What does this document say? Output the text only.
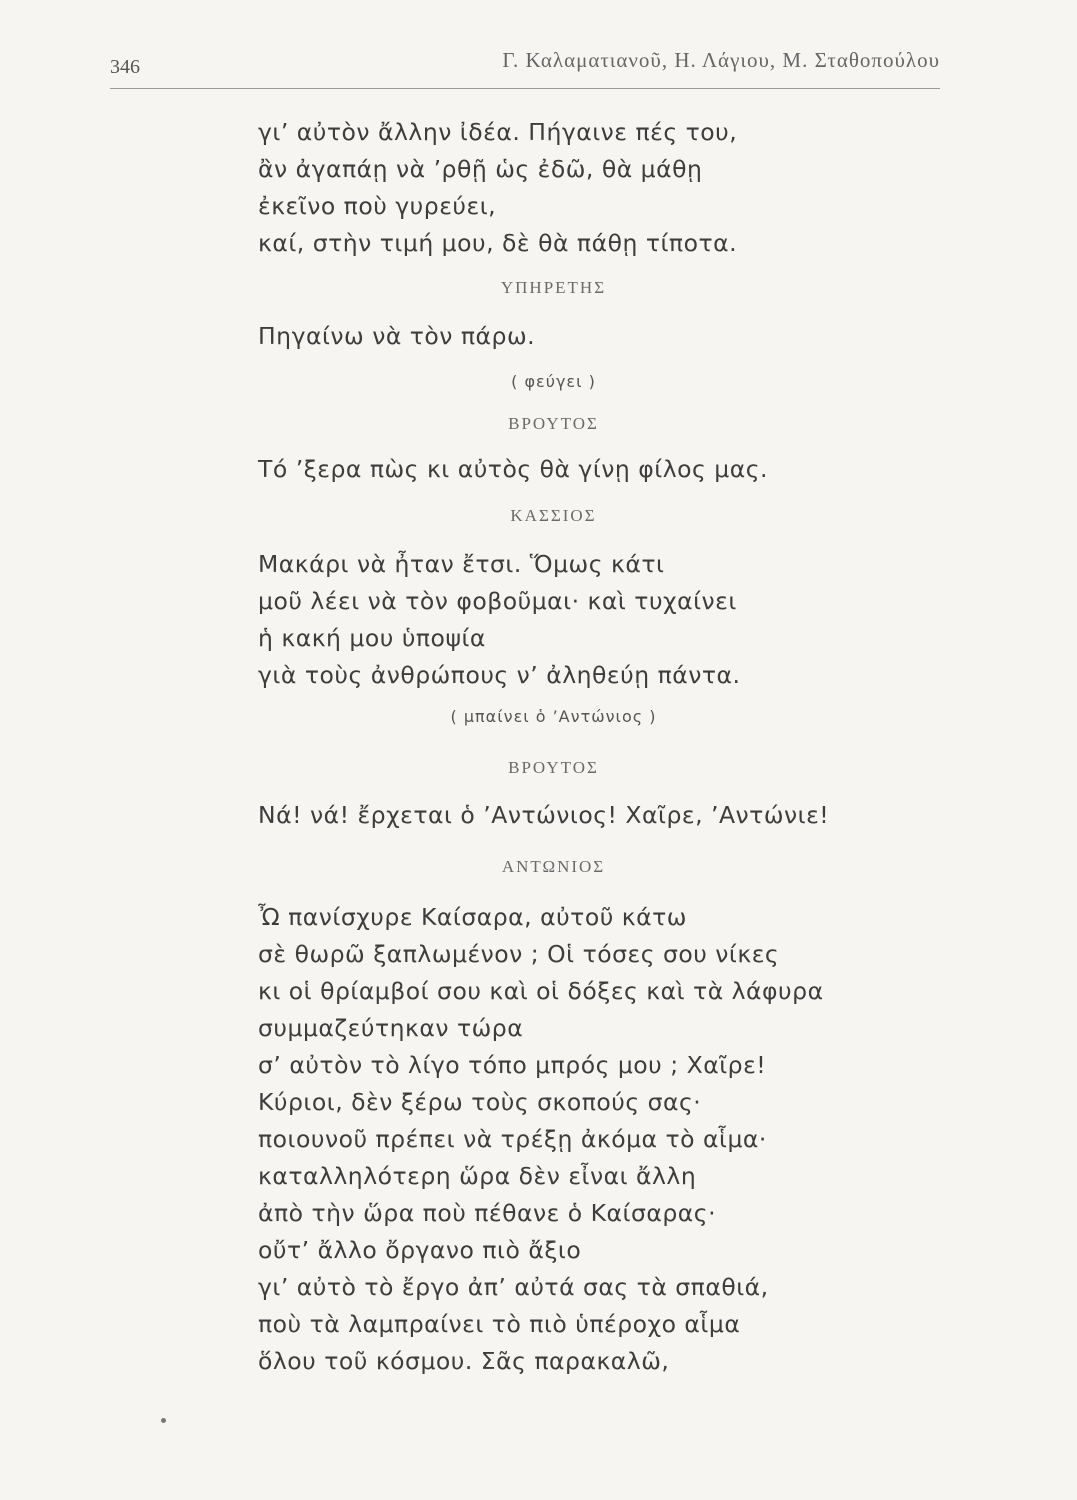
346	Γ. Καλαματιανοῦ, Η. Λάγιου, Μ. Σταθοπούλου
γι’ αὐτὸν ἄλλην ἰδέα. Πήγαινε πές του,
ἂν ἀγαπάῃ νὰ ’ρθῇ ὡς ἐδῶ, θὰ μάθῃ
ἐκεῖνο ποὺ γυρεύει,
καί, στὴν τιμή μου, δὲ θὰ πάθῃ τίποτα.
ΥΠΗΡΕΤΗΣ
Πηγαίνω νὰ τὸν πάρω.
( φεύγει )
ΒΡΟΥΤΟΣ
Τό ’ξερα πὼς κι αὐτὸς θὰ γίνῃ φίλος μας.
ΚΑΣΣΙΟΣ
Μακάρι νὰ ἦταν ἔτσι. Ὅμως κάτι
μοῦ λέει νὰ τὸν φοβοῦμαι· καὶ τυχαίνει
ἡ κακή μου ὑποψία
γιὰ τοὺς ἀνθρώπους ν’ ἀληθεύῃ πάντα.
( μπαίνει ὁ ’Αντώνιος )
ΒΡΟΥΤΟΣ
Νά! νά! ἔρχεται ὁ ’Αντώνιος! Χαῖρε, ’Αντώνιε!
ΑΝΤΩΝΙΟΣ
Ὦ πανίσχυρε Καίσαρα, αὐτοῦ κάτω
σὲ θωρῶ ξαπλωμένον ; Οἱ τόσες σου νίκες
κι οἱ θρίαμβοί σου καὶ οἱ δόξες καὶ τὰ λάφυρα
συμμαζεύτηκαν τώρα
σ’ αὐτὸν τὸ λίγο τόπο μπρός μου ; Χαῖρε!
Κύριοι, δὲν ξέρω τοὺς σκοπούς σας·
ποιουνοῦ πρέπει νὰ τρέξῃ ἀκόμα τὸ αἷμα·
καταλληλότερη ὥρα δὲν εἶναι ἄλλη
ἀπὸ τὴν ὥρα ποὺ πέθανε ὁ Καίσαρας·
οὔτ’ ἄλλο ὄργανο πιὸ ἄξιο
γι’ αὐτὸ τὸ ἔργο ἀπ’ αὐτά σας τὰ σπαθιά,
ποὺ τὰ λαμπραίνει τὸ πιὸ ὑπέροχο αἷμα
ὅλου τοῦ κόσμου. Σᾶς παρακαλῶ,
